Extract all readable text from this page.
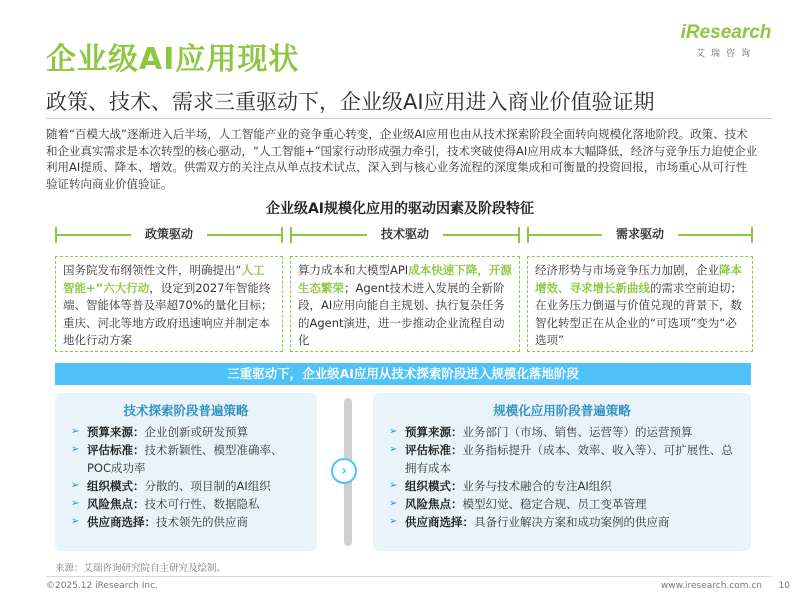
企业级AI应用现状
iResearch
艾瑞咨询
政策、技术、需求三重驱动下，企业级AI应用进入商业价值验证期
随着“百模大战”逐渐进入后半场，人工智能产业的竞争重心转变，企业级AI应用也由从技术探索阶段全面转向规模化落地阶段。政策、技术和企业真实需求是本次转型的核心驱动，“人工智能+”国家行动形成强力牵引，技术突破使得AI应用成本大幅降低，经济与竞争压力迫使企业利用AI提质、降本、增效。供需双方的关注点从单点技术试点，深入到与核心业务流程的深度集成和可衡量的投资回报，市场重心从可行性验证转向商业价值验证。
企业级AI规模化应用的驱动因素及阶段特征
政策驱动	技术驱动	需求驱动
国务院发布纲领性文件，明确提出“人工智能+”六大行动，设定到2027年智能终端、智能体等普及率超70%的量化目标；重庆、河北等地方政府迅速响应并制定本地化行动方案
算力成本和大模型API成本快速下降，开源生态繁荣；Agent技术进入发展的全新阶段，AI应用向能自主规划、执行复杂任务的Agent演进，进一步推动企业流程自动化
经济形势与市场竞争压力加剧，企业降本增效、寻求增长新曲线的需求空前迫切；在业务压力倒逼与价值兑现的背景下，数智化转型正在从企业的“可选项”变为“必选项”
三重驱动下，企业级AI应用从技术探索阶段进入规模化落地阶段
技术探索阶段普遍策略
➢ 预算来源：企业创新或研发预算
➢ 评估标准：技术新颖性、模型准确率、POC成功率
➢ 组织模式：分散的、项目制的AI组织
➢ 风险焦点：技术可行性、数据隐私
➢ 供应商选择：技术领先的供应商
›
规模化应用阶段普遍策略
➢ 预算来源：业务部门（市场、销售、运营等）的运营预算
➢ 评估标准：业务指标提升（成本、效率、收入等）、可扩展性、总拥有成本
➢ 组织模式：业务与技术融合的专注AI组织
➢ 风险焦点：模型幻觉、稳定合规、员工变革管理
➢ 供应商选择：具备行业解决方案和成功案例的供应商
来源：艾瑞咨询研究院自主研究及绘制。
©2025.12 iResearch Inc.	www.iresearch.com.cn 10
